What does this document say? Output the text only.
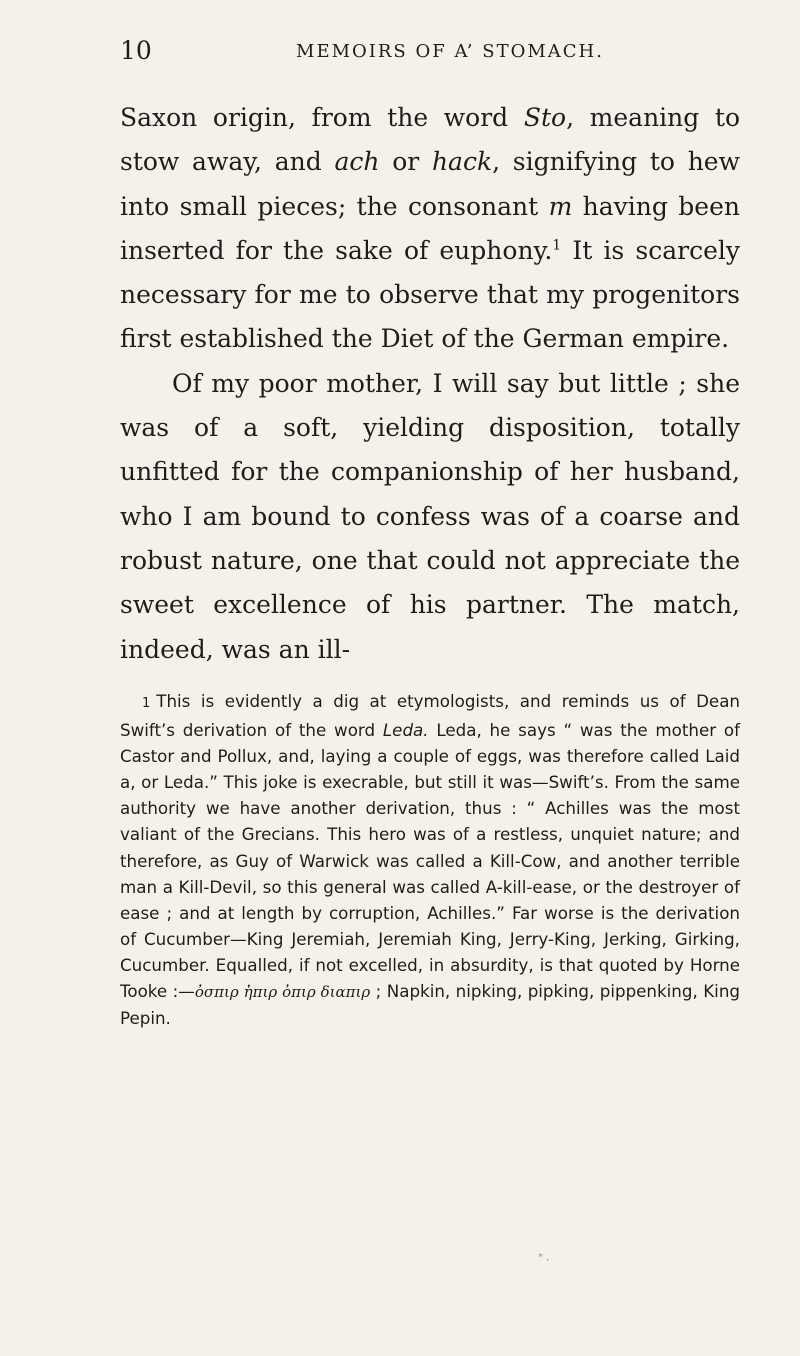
10	MEMOIRS OF A’ STOMACH.

Saxon origin, from the word Sto, meaning to stow away, and ach or hack, signifying to hew into small pieces; the consonant m having been inserted for the sake of euphony.$^1$ It is scarcely necessary for me to observe that my progenitors first established the Diet of the German empire.

Of my poor mother, I will say but little ; she was of a soft, yielding disposition, totally unfitted for the companionship of her husband, who I am bound to confess was of a coarse and robust nature, one that could not appreciate the sweet excellence of his partner. The match, indeed, was an ill-

1 This is evidently a dig at etymologists, and reminds us of Dean Swift’s derivation of the word Leda. Leda, he says “ was the mother of Castor and Pollux, and, laying a couple of eggs, was therefore called Laid a, or Leda.” This joke is execrable, but still it was—Swift’s. From the same authority we have another derivation, thus : “ Achilles was the most valiant of the Grecians. This hero was of a restless, unquiet nature; and therefore, as Guy of Warwick was called a Kill-Cow, and another terrible man a Kill-Devil, so this general was called A-kill-ease, or the destroyer of ease ; and at length by corruption, Achilles.” Far worse is the derivation of Cucumber—King Jeremiah, Jeremiah King, Jerry-King, Jerking, Girking, Cucumber. Equalled, if not excelled, in absurdity, is that quoted by Horne Tooke :—ὀσπιρ ἡπιρ ὀπιρ διαπιρ ; Napkin, nipking, pipking, pippenking, King Pepin.

* ,
